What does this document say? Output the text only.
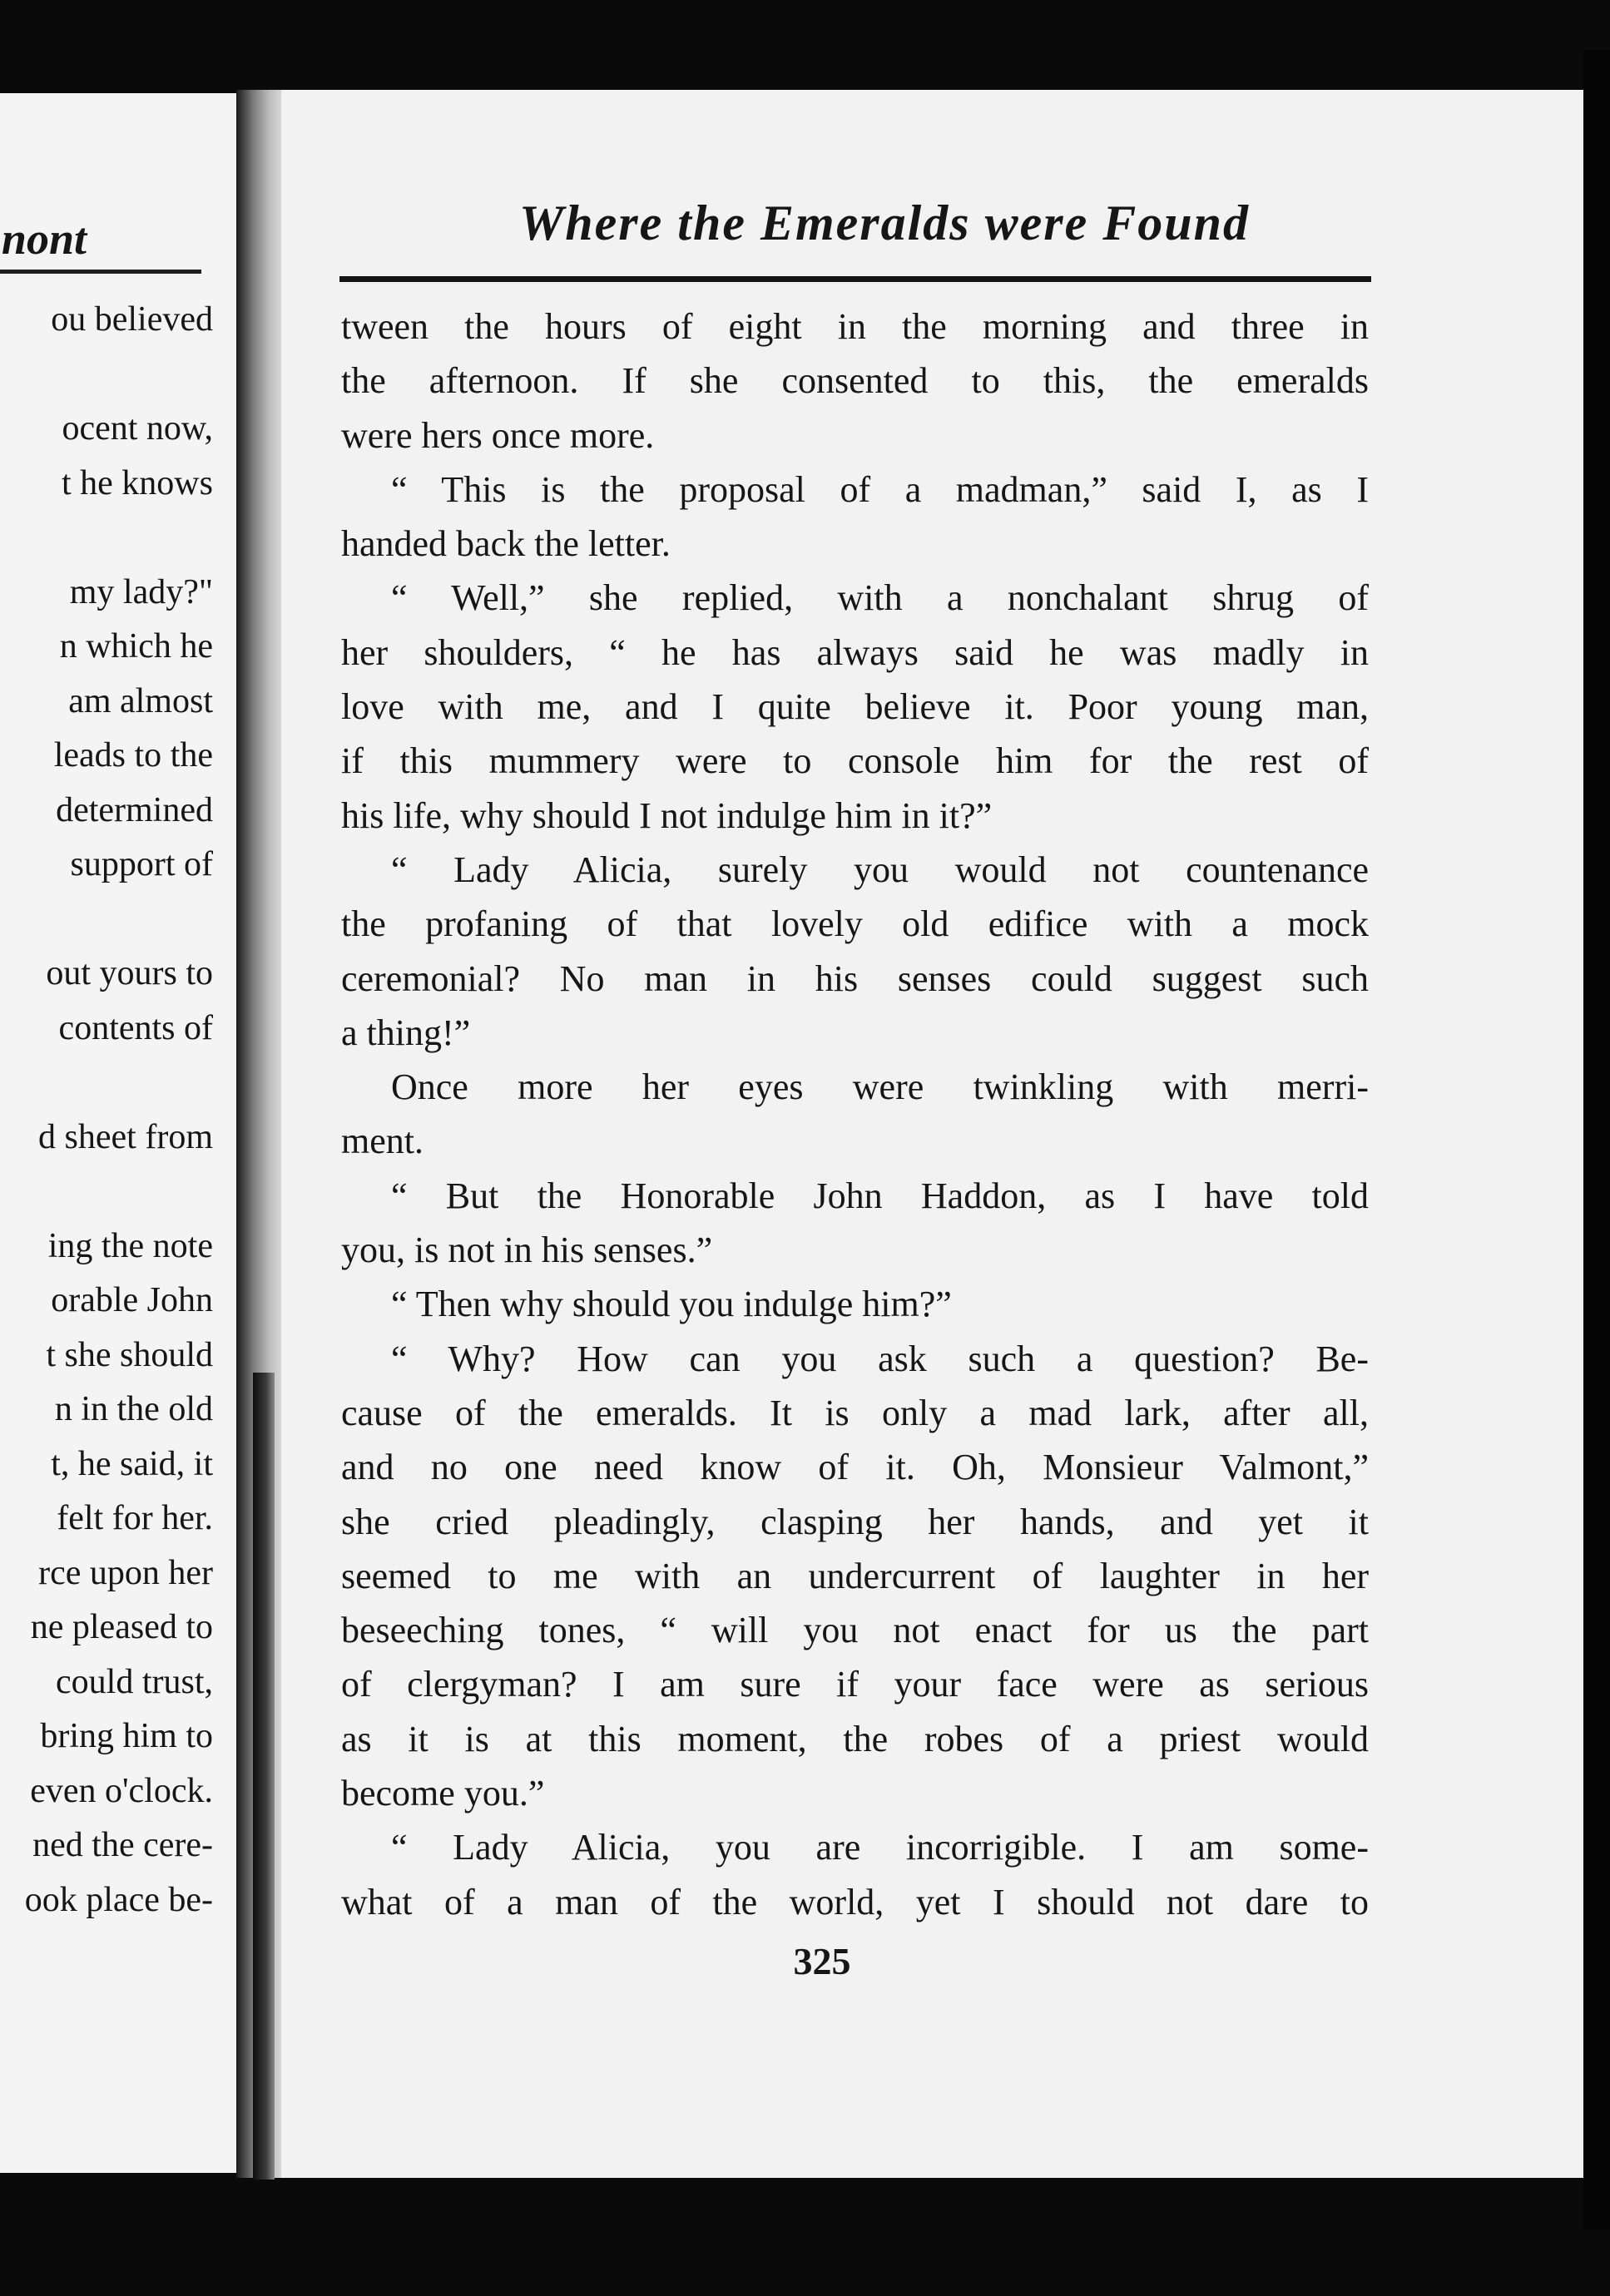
nont
ou believed
ocent now,
t he knows
my lady?"
n which he
am almost
leads to the
determined
support of
out yours to
contents of
d sheet from
ing the note
orable John
t she should
n in the old
t, he said, it
felt for her.
rce upon her
ne pleased to
could trust,
bring him to
even o'clock.
ned the cere-
ook place be-
Where the Emeralds were Found
tween the hours of eight in the morning and three in
the afternoon. If she consented to this, the emeralds
were hers once more.
“ This is the proposal of a madman,” said I, as I
handed back the letter.
“ Well,” she replied, with a nonchalant shrug of
her shoulders, “ he has always said he was madly in
love with me, and I quite believe it. Poor young man,
if this mummery were to console him for the rest of
his life, why should I not indulge him in it?”
“ Lady Alicia, surely you would not countenance
the profaning of that lovely old edifice with a mock
ceremonial? No man in his senses could suggest such
a thing!”
Once more her eyes were twinkling with merri-
ment.
“ But the Honorable John Haddon, as I have told
you, is not in his senses.”
“ Then why should you indulge him?”
“ Why? How can you ask such a question? Be-
cause of the emeralds. It is only a mad lark, after all,
and no one need know of it. Oh, Monsieur Valmont,”
she cried pleadingly, clasping her hands, and yet it
seemed to me with an undercurrent of laughter in her
beseeching tones, “ will you not enact for us the part
of clergyman? I am sure if your face were as serious
as it is at this moment, the robes of a priest would
become you.”
“ Lady Alicia, you are incorrigible. I am some-
what of a man of the world, yet I should not dare to
325
